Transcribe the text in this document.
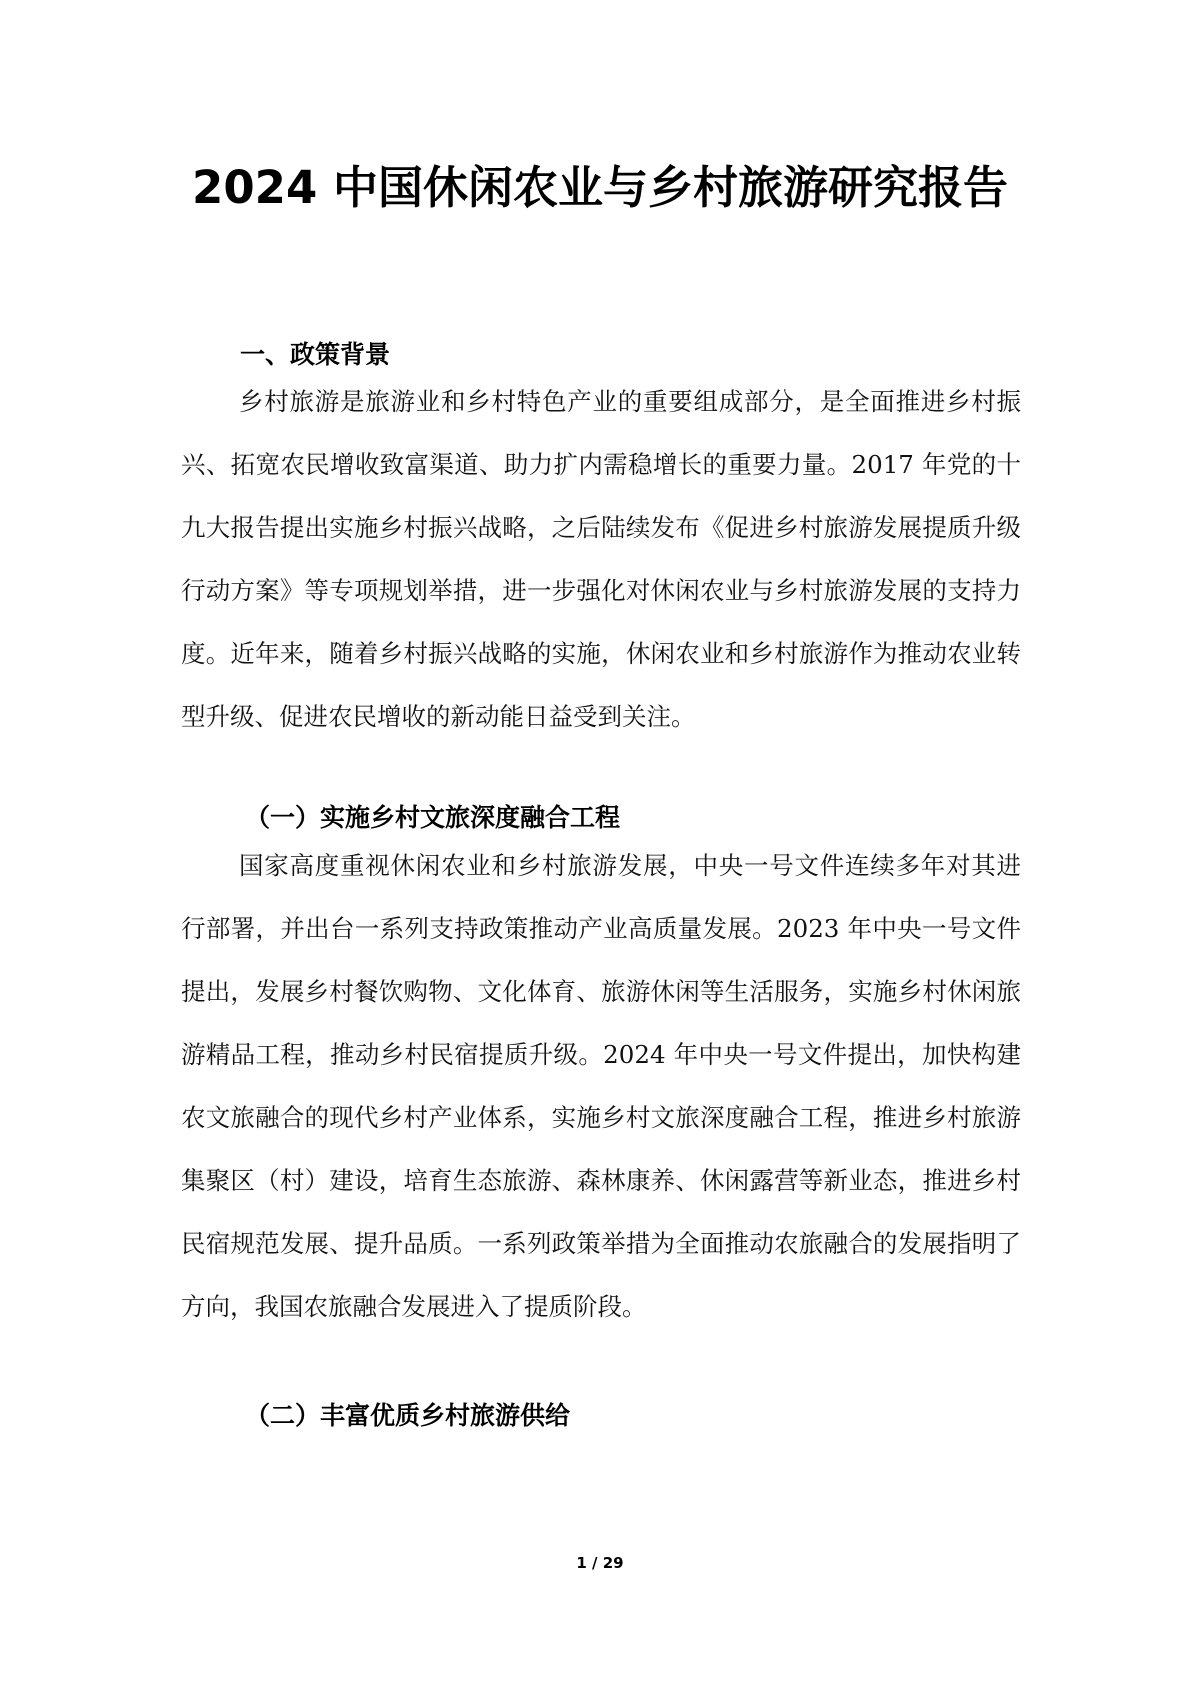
2024 中国休闲农业与乡村旅游研究报告
一、政策背景

乡村旅游是旅游业和乡村特色产业的重要组成部分，是全面推进乡村振兴、拓宽农民增收致富渠道、助力扩内需稳增长的重要力量。2017 年党的十九大报告提出实施乡村振兴战略，之后陆续发布《促进乡村旅游发展提质升级行动方案》等专项规划举措，进一步强化对休闲农业与乡村旅游发展的支持力度。近年来，随着乡村振兴战略的实施，休闲农业和乡村旅游作为推动农业转型升级、促进农民增收的新动能日益受到关注。

（一）实施乡村文旅深度融合工程

国家高度重视休闲农业和乡村旅游发展，中央一号文件连续多年对其进行部署，并出台一系列支持政策推动产业高质量发展。2023 年中央一号文件提出，发展乡村餐饮购物、文化体育、旅游休闲等生活服务，实施乡村休闲旅游精品工程，推动乡村民宿提质升级。2024 年中央一号文件提出，加快构建农文旅融合的现代乡村产业体系，实施乡村文旅深度融合工程，推进乡村旅游集聚区（村）建设，培育生态旅游、森林康养、休闲露营等新业态，推进乡村民宿规范发展、提升品质。一系列政策举措为全面推动农旅融合的发展指明了方向，我国农旅融合发展进入了提质阶段。

（二）丰富优质乡村旅游供给
1 / 29
